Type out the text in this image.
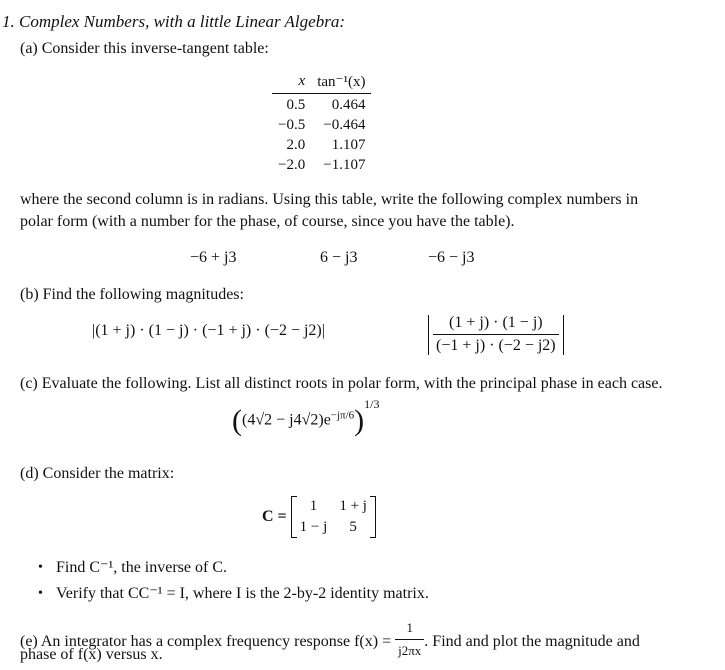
1. Complex Numbers, with a little Linear Algebra:
(a) Consider this inverse-tangent table:
x	tan⁻¹(x)
0.5	0.464
−0.5	−0.464
2.0	1.107
−2.0	−1.107
where the second column is in radians. Using this table, write the following complex numbers in
polar form (with a number for the phase, of course, since you have the table).
−6 + j3	6 − j3	−6 − j3
(b) Find the following magnitudes:
|(1 + j) · (1 − j) · (−1 + j) · (−2 − j2)|
	$\frac{(1 + j) \cdot (1 - j)}{(-1 + j) \cdot (-2 - j2)}$

(c) Evaluate the following. List all distinct roots in polar form, with the principal phase in each case.
$((4√2 - j4√2)e^{-j\pi/6})^{1/3}$
(d) Consider the matrix:
C =
1	1 + j
1 − j	5
• Find C⁻¹, the inverse of C.
• Verify that CC⁻¹ = I, where I is the 2-by-2 identity matrix.
(e) An integrator has a complex frequency response $f(x) = \frac{1}{j2\pi x}$ . Find and plot the magnitude and
phase of f(x) versus x.
